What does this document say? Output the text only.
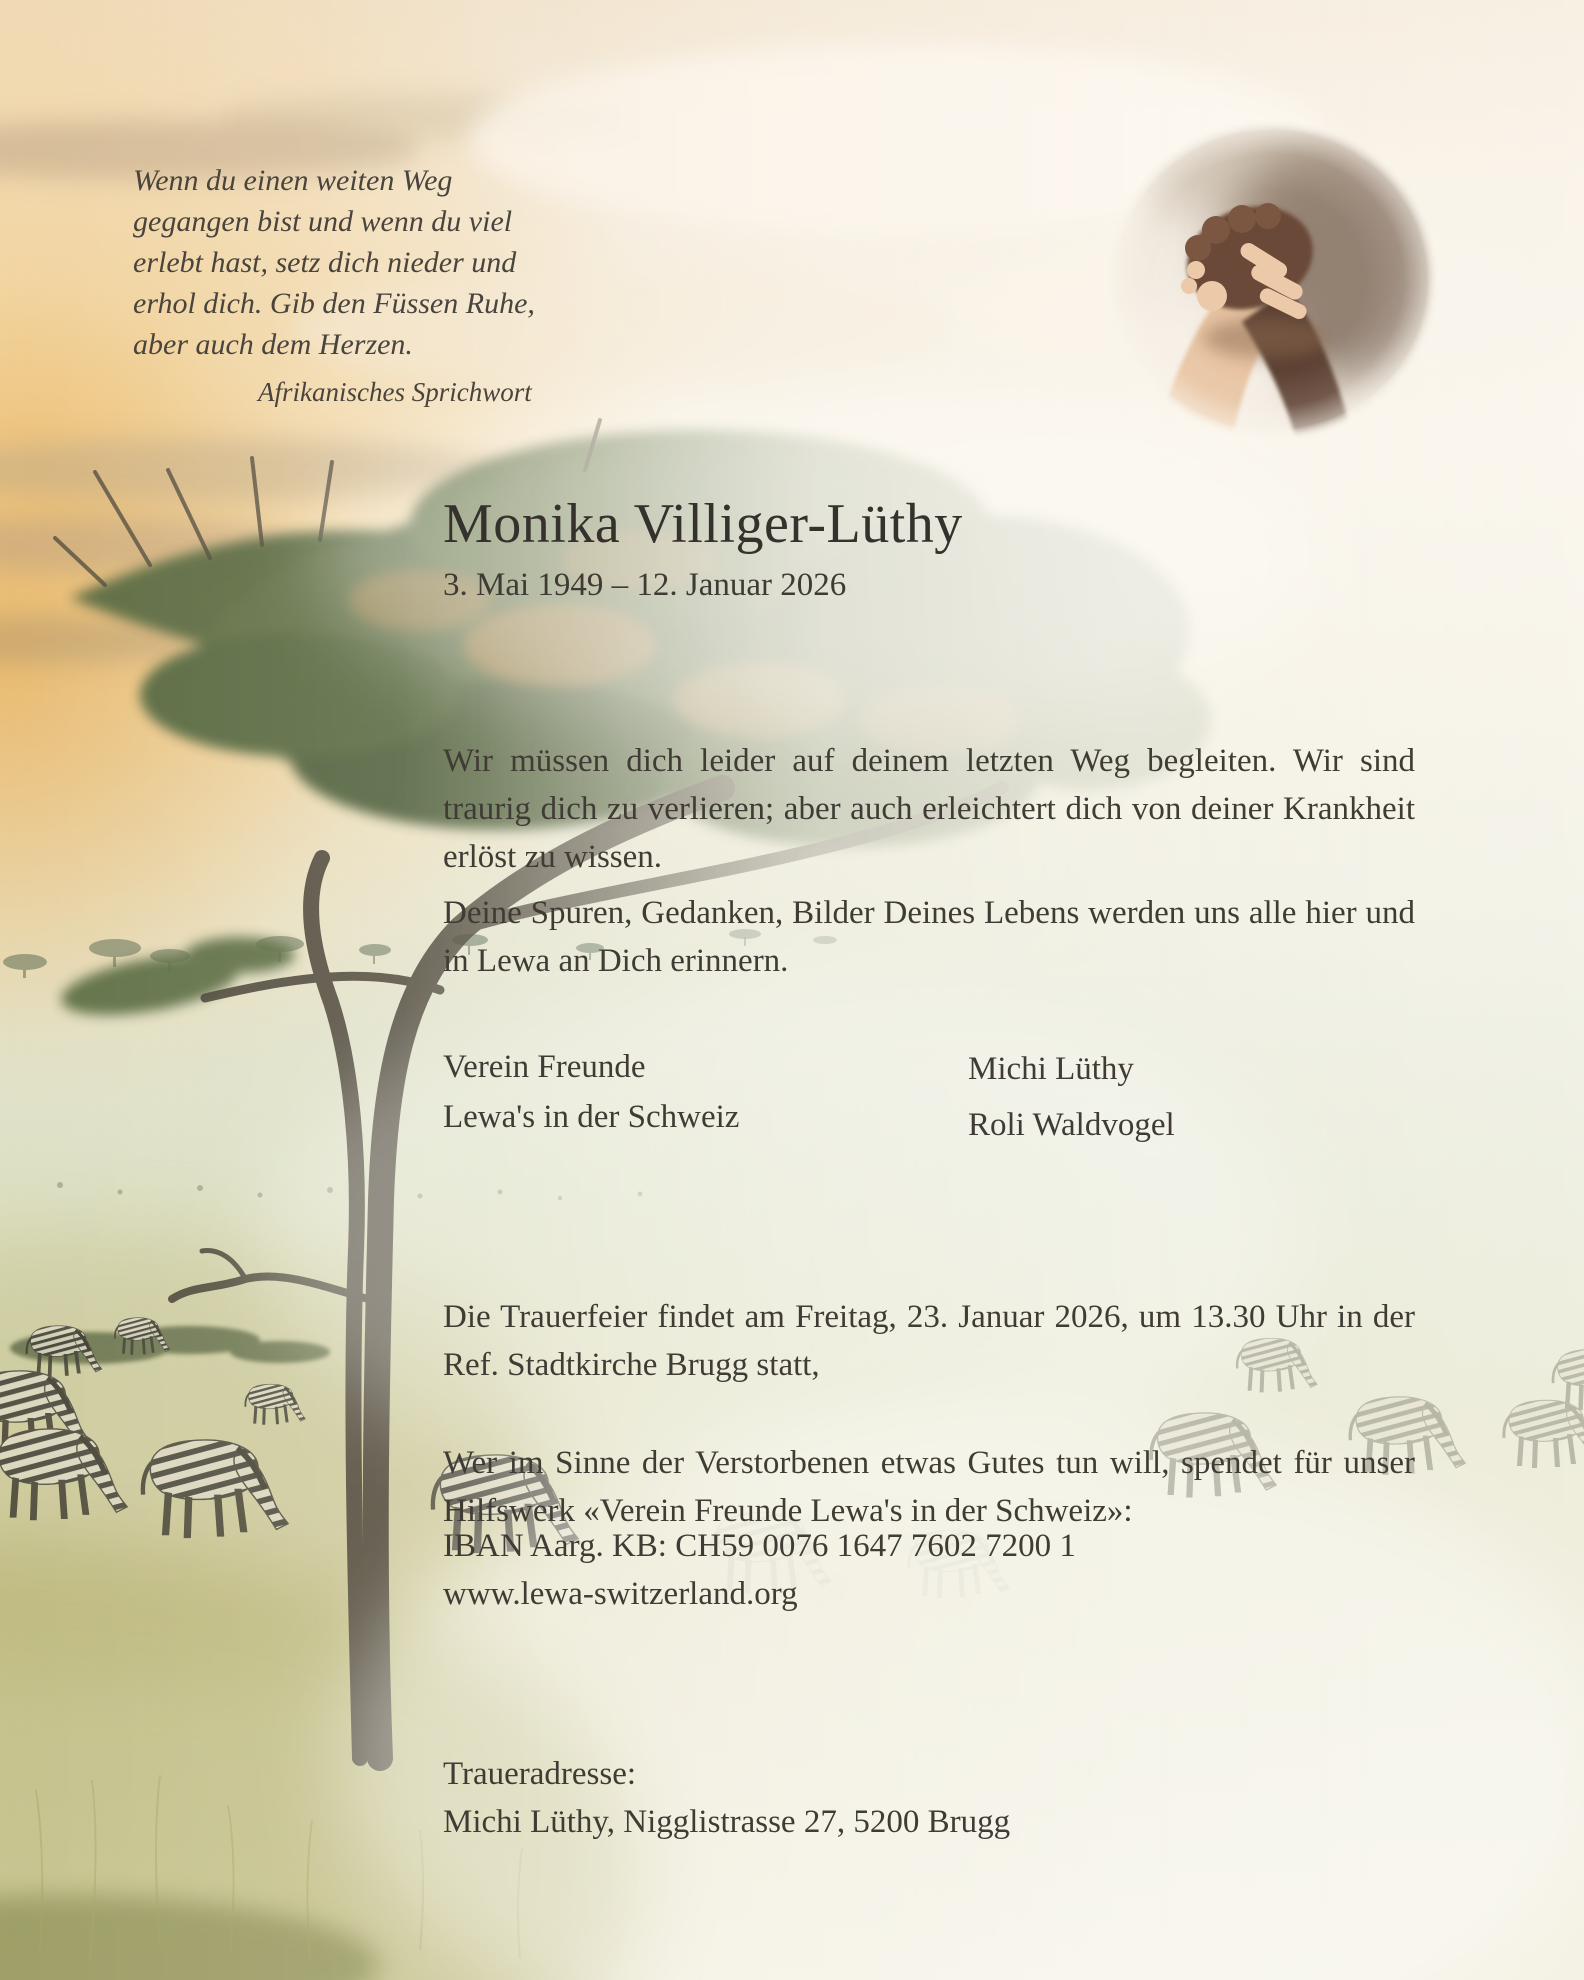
Wenn du einen weiten Weg
gegangen bist und wenn du viel
erlebt hast, setz dich nieder und
erhol dich. Gib den Füssen Ruhe,
aber auch dem Herzen.
Afrikanisches Sprichwort
Monika Villiger-Lüthy
3. Mai 1949 – 12. Januar 2026

Wir müssen dich leider auf deinem letzten Weg begleiten. Wir sind traurig dich zu verlieren; aber auch erleichtert dich von deiner Krankheit erlöst zu wissen.

Deine Spuren, Gedanken, Bilder Deines Lebens werden uns alle hier und in Lewa an Dich erinnern.

Verein Freunde
Lewa's in der Schweiz
Michi Lüthy
Roli Waldvogel

Die Trauerfeier findet am Freitag, 23. Januar 2026, um 13.30 Uhr in der Ref. Stadtkirche Brugg statt,

Wer im Sinne der Verstorbenen etwas Gutes tun will, spendet für unser Hilfswerk «Verein Freunde Lewa's in der Schweiz»:

IBAN Aarg. KB: CH59 0076 1647 7602 7200 1
www.lewa-switzerland.org
Traueradresse:
Michi Lüthy, Nigglistrasse 27, 5200 Brugg
